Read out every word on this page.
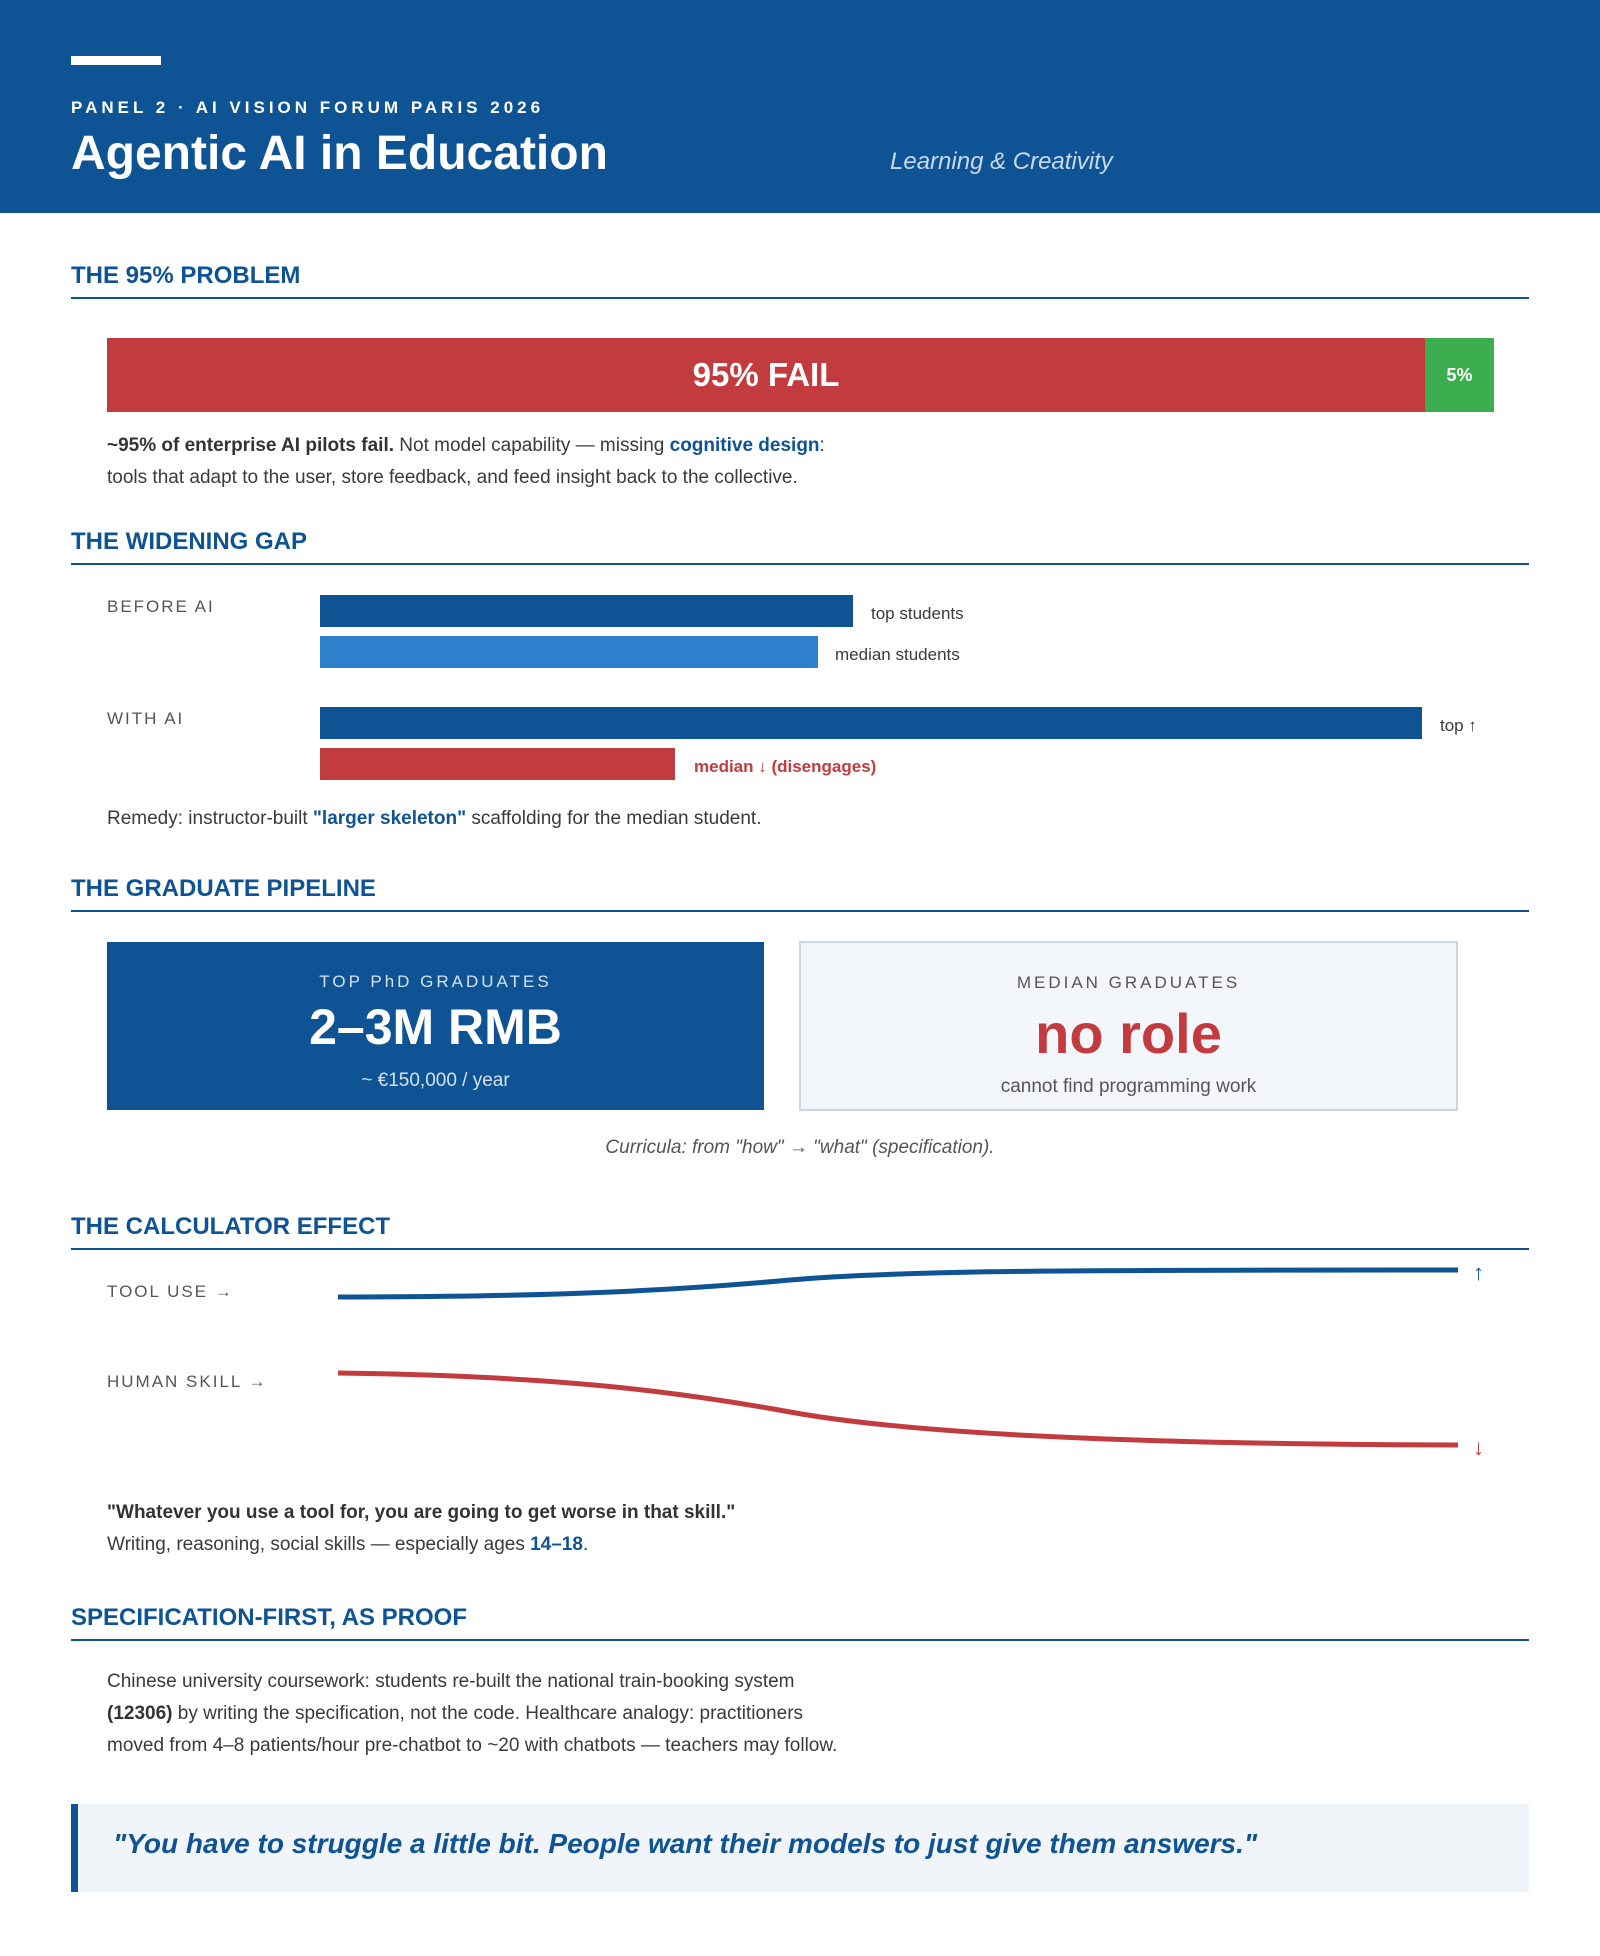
PANEL 2 · AI VISION FORUM PARIS 2026
Agentic AI in Education	Learning & Creativity
THE 95% PROBLEM
95% FAIL	5%
~95% of enterprise AI pilots fail. Not model capability — missing cognitive design:
tools that adapt to the user, store feedback, and feed insight back to the collective.
THE WIDENING GAP
BEFORE AI	top students
median students
WITH AI	top ↑
median ↓ (disengages)
Remedy: instructor-built "larger skeleton" scaffolding for the median student.
THE GRADUATE PIPELINE
TOP PhD GRADUATES
2–3M RMB
~ €150,000 / year
MEDIAN GRADUATES
no role
cannot find programming work
Curricula: from "how" → "what" (specification).
THE CALCULATOR EFFECT
TOOL USE →
HUMAN SKILL →
↑
↓
"Whatever you use a tool for, you are going to get worse in that skill."
Writing, reasoning, social skills — especially ages 14–18.
SPECIFICATION-FIRST, AS PROOF
Chinese university coursework: students re-built the national train-booking system
(12306) by writing the specification, not the code. Healthcare analogy: practitioners
moved from 4–8 patients/hour pre-chatbot to ~20 with chatbots — teachers may follow.
"You have to struggle a little bit. People want their models to just give them answers."
